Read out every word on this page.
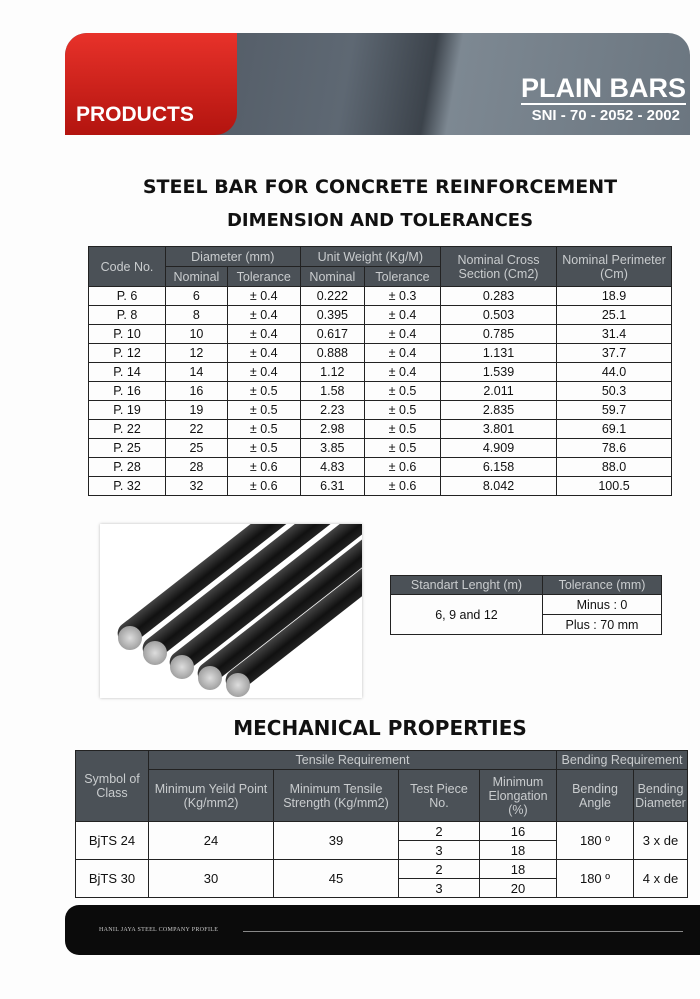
PRODUCTS
PLAIN BARS
SNI - 70 - 2052 - 2002
STEEL BAR FOR CONCRETE REINFORCEMENT
DIMENSION AND TOLERANCES
Code No.	Diameter (mm)		Unit Weight (Kg/M)		Nominal Cross Section (Cm2)	Nominal Perimeter (Cm)
	Nominal	Tolerance	Nominal	Tolerance		
P. 6	6	± 0.4	0.222	± 0.3	0.283	18.9
P. 8	8	± 0.4	0.395	± 0.4	0.503	25.1
P. 10	10	± 0.4	0.617	± 0.4	0.785	31.4
P. 12	12	± 0.4	0.888	± 0.4	1.131	37.7
P. 14	14	± 0.4	1.12	± 0.4	1.539	44.0
P. 16	16	± 0.5	1.58	± 0.5	2.011	50.3
P. 19	19	± 0.5	2.23	± 0.5	2.835	59.7
P. 22	22	± 0.5	2.98	± 0.5	3.801	69.1
P. 25	25	± 0.5	3.85	± 0.5	4.909	78.6
P. 28	28	± 0.6	4.83	± 0.6	6.158	88.0
P. 32	32	± 0.6	6.31	± 0.6	8.042	100.5
Standart Lenght (m)	Tolerance (mm)
6, 9 and 12	Minus : 0
	Plus : 70 mm
MECHANICAL PROPERTIES
Symbol of Class	Tensile Requirement				Bending Requirement	
	Minimum Yeild Point (Kg/mm2)	Minimum Tensile Strength (Kg/mm2)	Test Piece No.	Minimum Elongation (%)	Bending Angle	Bending Diameter
BjTS 24	24	39	2	16	180 º	3 x de
			3	18		
BjTS 30	30	45	2	18	180 º	4 x de
			3	20		
HANIL JAYA STEEL COMPANY PROFILE
